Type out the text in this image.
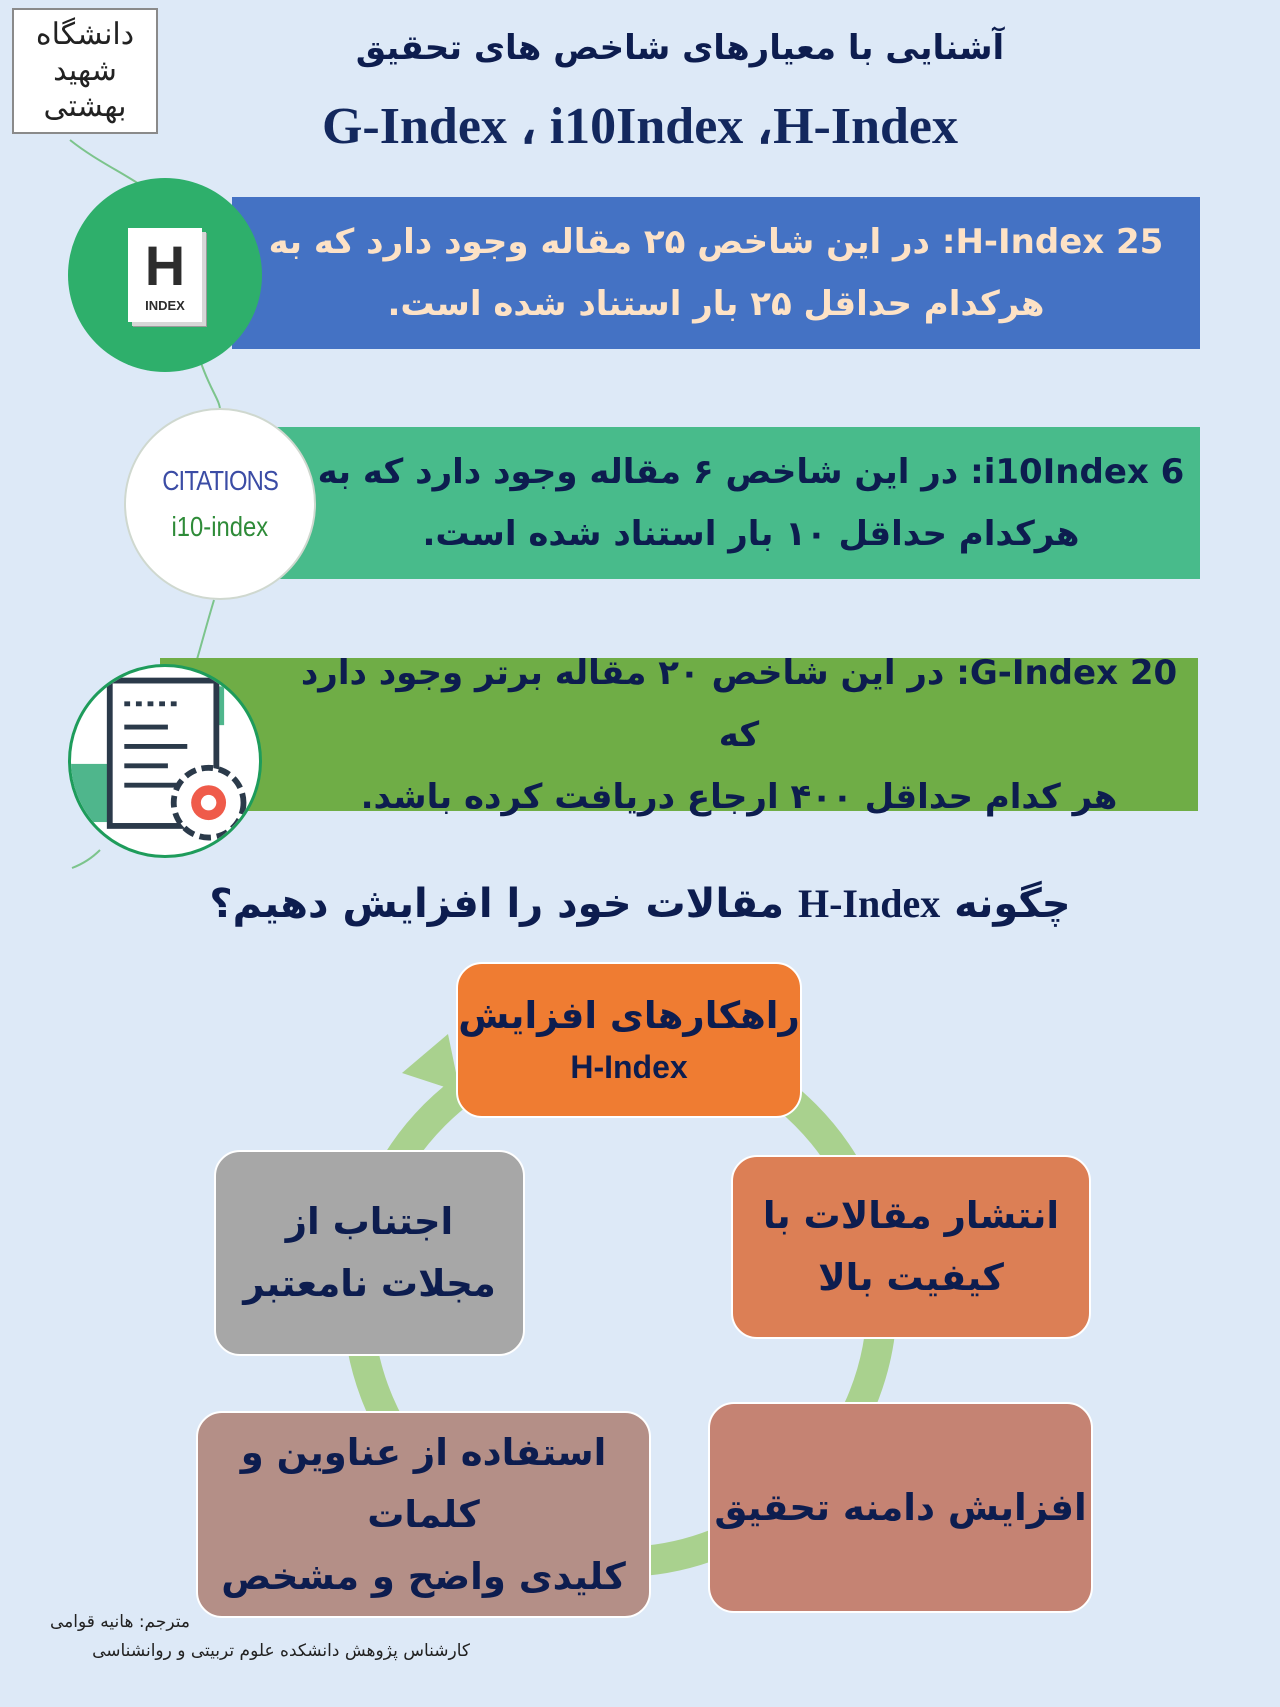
دانشگاه
شهید
بهشتی
آشنایی با معیارهای شاخص های تحقیق
G-Index ، i10Index ،H-Index

H-Index 25: در این شاخص ۲۵ مقاله وجود دارد که به

هرکدام حداقل ۲۵ بار استناد شده است.

H
INDEX

i10Index 6: در این شاخص ۶ مقاله وجود دارد که به

هرکدام حداقل ۱۰ بار استناد شده است.

CITATIONS
i10-index

G-Index 20: در این شاخص ۲۰ مقاله برتر وجود دارد که

هر کدام حداقل ۴۰۰ ارجاع دریافت کرده باشد.

چگونه H-Index مقالات خود را افزایش دهیم؟

راهکارهای افزایش

H-Index

انتشار مقالات با

کیفیت بالا

افزایش دامنه تحقیق

استفاده از عناوین و کلمات

کلیدی واضح و مشخص

اجتناب از

مجلات نامعتبر

مترجم: هانیه قوامی
کارشناس پژوهش دانشکده علوم تربیتی و روانشناسی
